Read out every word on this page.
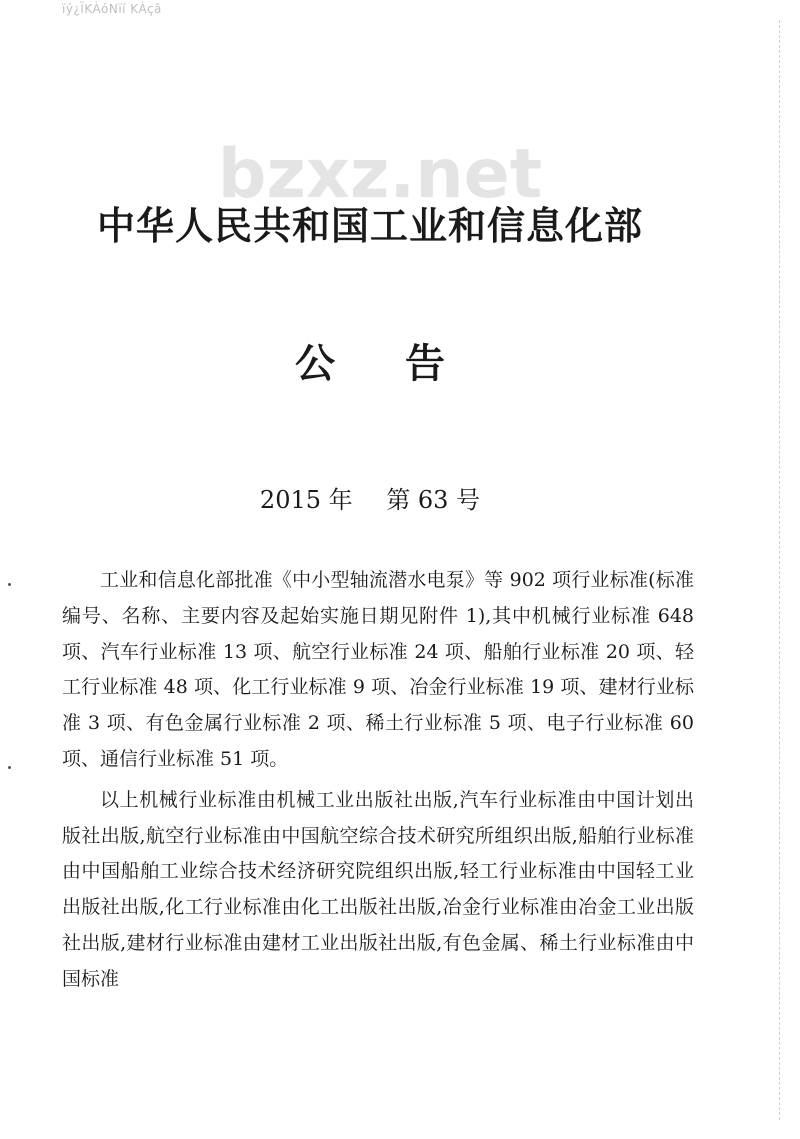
ïý¿ÏKÀóNïí KÀçã
bzxz.net
中华人民共和国工业和信息化部
公告
2015 年 第 63 号

工业和信息化部批准《中小型轴流潜水电泵》等 902 项行业标准(标准编号、名称、主要内容及起始实施日期见附件 1),其中机械行业标准 648 项、汽车行业标准 13 项、航空行业标准 24 项、船舶行业标准 20 项、轻工行业标准 48 项、化工行业标准 9 项、冶金行业标准 19 项、建材行业标准 3 项、有色金属行业标准 2 项、稀土行业标准 5 项、电子行业标准 60 项、通信行业标准 51 项。

以上机械行业标准由机械工业出版社出版,汽车行业标准由中国计划出版社出版,航空行业标准由中国航空综合技术研究所组织出版,船舶行业标准由中国船舶工业综合技术经济研究院组织出版,轻工行业标准由中国轻工业出版社出版,化工行业标准由化工出版社出版,冶金行业标准由冶金工业出版社出版,建材行业标准由建材工业出版社出版,有色金属、稀土行业标准由中国标准
